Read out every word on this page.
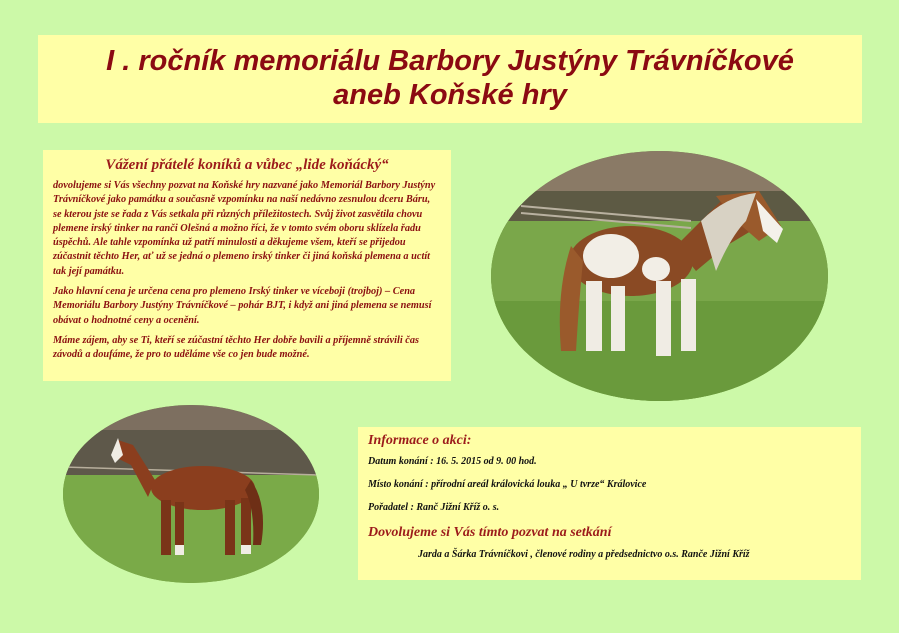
I . ročník memoriálu Barbory Justýny Trávníčkové
aneb Koňské hry
Vážení přátelé koníků a vůbec „lide koňácký“

dovolujeme si Vás všechny pozvat na Koňské hry nazvané jako Memoriál Barbory Justýny Trávníčkové jako památku a současně vzpomínku na naší nedávno zesnulou dceru Báru, se kterou jste se řada z Vás setkala při různých příležitostech. Svůj život zasvětila chovu plemene irský tinker na ranči Olešná a možno říci, že v tomto svém oboru sklízela řadu úspěchů. Ale tahle vzpomínka už patří minulosti a děkujeme všem, kteří se přijedou zúčastnit těchto Her, ať už se jedná o plemeno irský tinker či jiná koňská plemena a uctít tak její památku.

Jako hlavní cena je určena cena pro plemeno Irský tinker ve víceboji (trojboj) – Cena Memoriálu Barbory Justýny Trávníčkové – pohár BJT, i když ani jiná plemena se nemusí obávat o hodnotné ceny a ocenění.

Máme zájem, aby se Ti, kteří se zúčastní těchto Her dobře bavili a příjemně strávili čas závodů a doufáme, že pro to uděláme vše co jen bude možné.

Informace o akci:
Datum konání : 16. 5. 2015 od 9. 00 hod.
Místo konání : přírodní areál královická louka „ U tvrze“ Královice
Pořadatel : Ranč Jižní Kříž o. s.
Dovolujeme si Vás tímto pozvat na setkání
Jarda a Šárka Trávníčkovi , členové rodiny a předsednictvo o.s. Ranče Jižní Kříž
